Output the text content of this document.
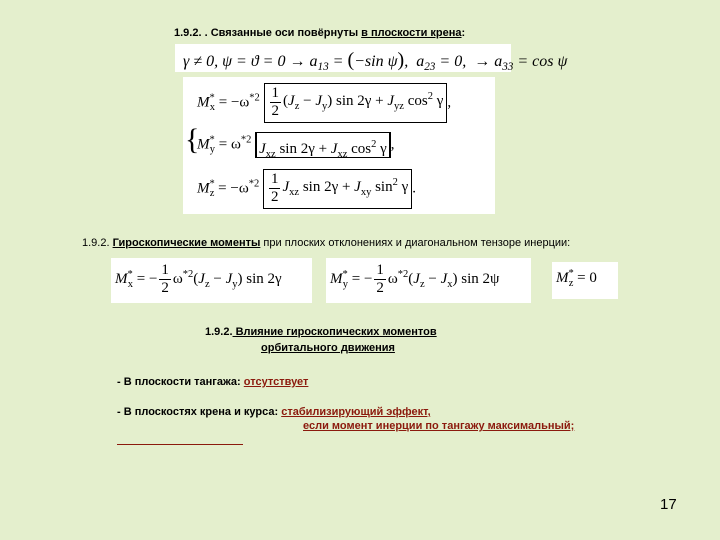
1.9.2. . Связанные оси повёрнуты в плоскости крена:
γ ≠ 0, $\psi = ϑ = 0 \to a_{13} = (-\sin$ ψ),  $a_{23} = 0$,  → $a_{33} = \cos \psi$
{
$M^*_x = -\omega^{*2} \frac{1}{2} (J_z - J_y)$ $\sin 2\gamma + J_{yz}$ $\cos^2 \gamma$ ,
$M^*_y = \omega^{*2}$ $J_{xz}$ $\sin 2\gamma + J_{xz}$ $\cos^2 \gamma$ ,
$M^*_z = -\omega^{*2} \frac{1}{2} J_{xz}$ $\sin 2\gamma + J_{xy}$ $\sin^2 \gamma$ .
1.9.2. Гироскопические моменты при плоских отклонениях и диагональном тензоре инерции:
$M^*_x$ = − $\frac{1}{2} \omega^{*2}(J_z - J_y)$ sin 2γ	$M^*_y$ = − $\frac{1}{2} \omega^{*2}(J_z - J_x)$ sin 2ψ	$M^*_z = 0$
1.9.2. Влияние гироскопических моментов
орбитального движения
- В плоскости тангажа: отсутствует
- В плоскостях крена и курса: стабилизирующий эффект,
если момент инерции по тангажу максимальный;
17
